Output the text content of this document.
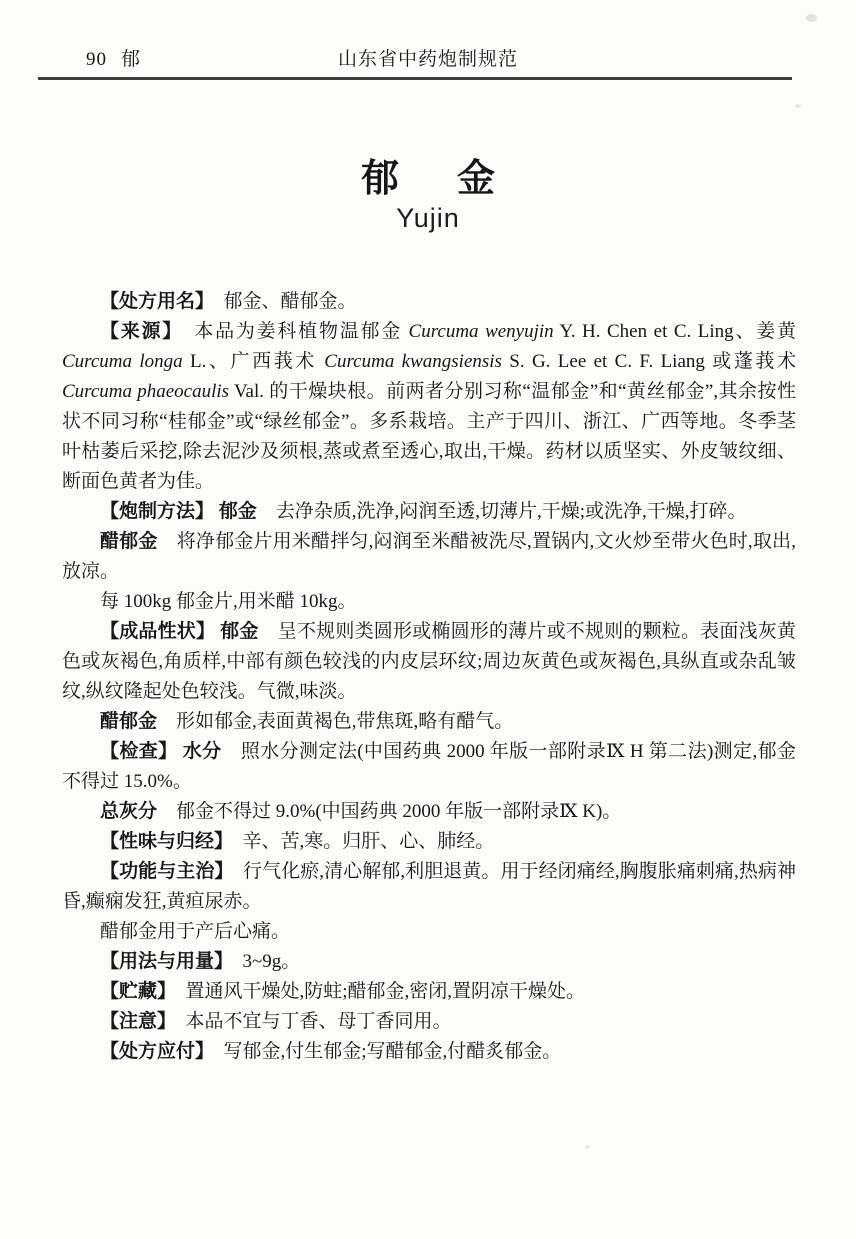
90 郁	山东省中药炮制规范
郁 金
Yujin

【处方用名】　郁金、醋郁金。

【来源】　本品为姜科植物温郁金 Curcuma wenyujin Y. H. Chen et C. Ling、姜黄 Curcuma longa L.、广西莪术 Curcuma kwangsiensis S. G. Lee et C. F. Liang 或蓬莪术 Curcuma phaeocaulis Val. 的干燥块根。前两者分别习称“温郁金”和“黄丝郁金”,其余按性状不同习称“桂郁金”或“绿丝郁金”。多系栽培。主产于四川、浙江、广西等地。冬季茎叶枯萎后采挖,除去泥沙及须根,蒸或煮至透心,取出,干燥。药材以质坚实、外皮皱纹细、断面色黄者为佳。

【炮制方法】 郁金　去净杂质,洗净,闷润至透,切薄片,干燥;或洗净,干燥,打碎。

醋郁金　将净郁金片用米醋拌匀,闷润至米醋被洗尽,置锅内,文火炒至带火色时,取出,放凉。

每 100kg 郁金片,用米醋 10kg。

【成品性状】 郁金　呈不规则类圆形或椭圆形的薄片或不规则的颗粒。表面浅灰黄色或灰褐色,角质样,中部有颜色较浅的内皮层环纹;周边灰黄色或灰褐色,具纵直或杂乱皱纹,纵纹隆起处色较浅。气微,味淡。

醋郁金　形如郁金,表面黄褐色,带焦斑,略有醋气。

【检查】 水分　照水分测定法(中国药典 2000 年版一部附录Ⅸ H 第二法)测定,郁金不得过 15.0%。

总灰分　郁金不得过 9.0%(中国药典 2000 年版一部附录Ⅸ K)。

【性味与归经】　辛、苦,寒。归肝、心、肺经。

【功能与主治】　行气化瘀,清心解郁,利胆退黄。用于经闭痛经,胸腹胀痛刺痛,热病神昏,癫痫发狂,黄疸尿赤。

醋郁金用于产后心痛。

【用法与用量】　3~9g。

【贮藏】　置通风干燥处,防蛀;醋郁金,密闭,置阴凉干燥处。

【注意】　本品不宜与丁香、母丁香同用。

【处方应付】　写郁金,付生郁金;写醋郁金,付醋炙郁金。
